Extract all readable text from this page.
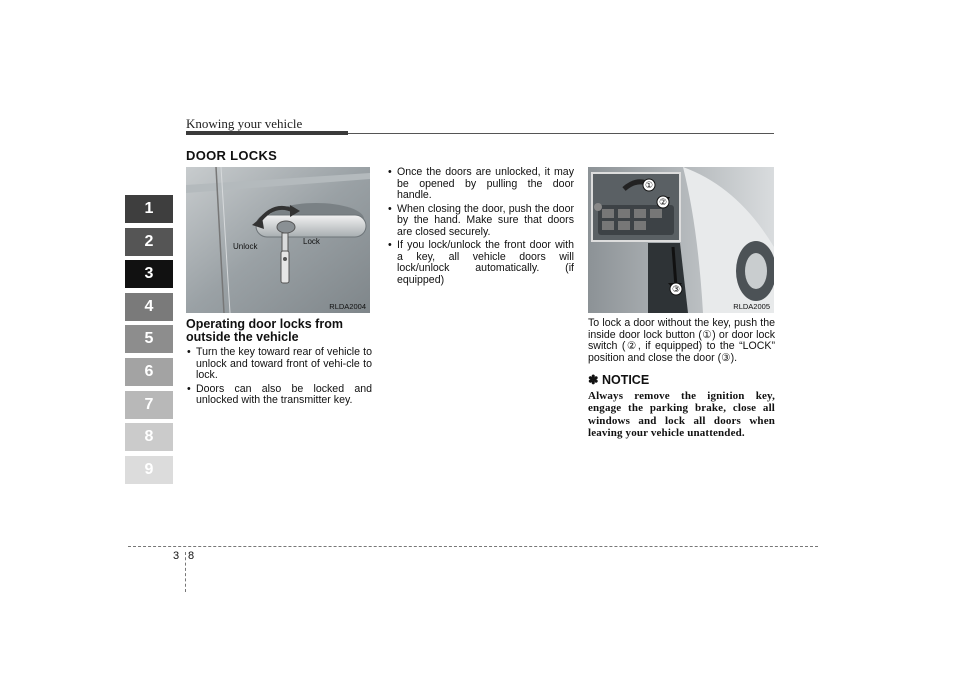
Knowing your vehicle
DOOR LOCKS
1
2
3
4
5
6
7
8
9
Unlock
Lock
RLDA2004
①
②
③
RLDA2005
Operating door locks from outside the vehicle
• Turn the key toward rear of vehicle to unlock and toward front of vehi-cle to lock.
• Doors can also be locked and unlocked with the transmitter key.
• Once the doors are unlocked, it may be opened by pulling the door handle.
• When closing the door, push the door by the hand. Make sure that doors are closed securely.
• If you lock/unlock the front door with a key, all vehicle doors will lock/unlock automatically. (if equipped)

To lock a door without the key, push the inside door lock button (①) or door lock switch (②, if equipped) to the “LOCK” position and close the door (③).

✽ NOTICE

Always remove the ignition key, engage the parking brake, close all windows and lock all doors when leaving your vehicle unattended.

3 8
